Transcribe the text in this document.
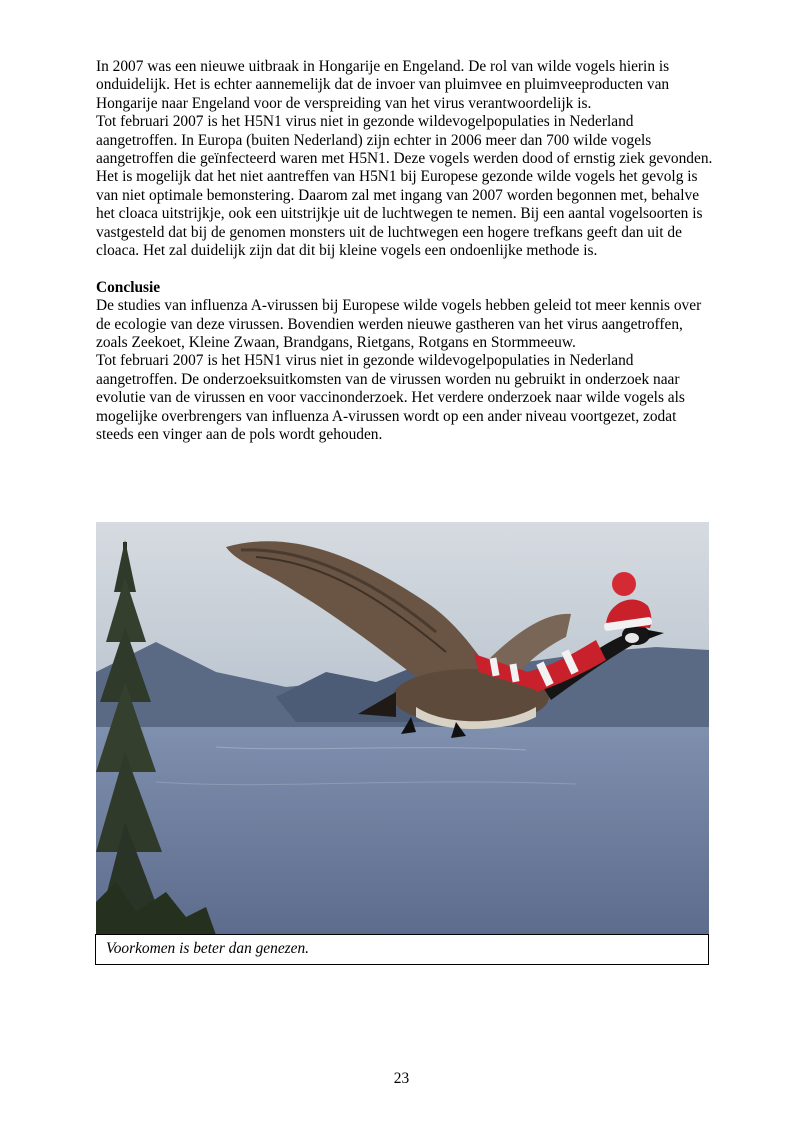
In 2007 was een nieuwe uitbraak in Hongarije en Engeland. De rol van wilde vogels hierin is onduidelijk. Het is echter aannemelijk dat de invoer van pluimvee en pluimveeproducten van Hongarije naar Engeland voor de verspreiding van het virus verantwoordelijk is.

Tot februari 2007 is het H5N1 virus niet in gezonde wildevogelpopulaties in Nederland aangetroffen. In Europa (buiten Nederland) zijn echter in 2006 meer dan 700 wilde vogels aangetroffen die geïnfecteerd waren met H5N1. Deze vogels werden dood of ernstig ziek gevonden.

Het is mogelijk dat het niet aantreffen van H5N1 bij Europese gezonde wilde vogels het gevolg is van niet optimale bemonstering. Daarom zal met ingang van 2007 worden begonnen met, behalve het cloaca uitstrijkje, ook een uitstrijkje uit de luchtwegen te nemen. Bij een aantal vogelsoorten is vastgesteld dat bij de genomen monsters uit de luchtwegen een hogere trefkans geeft dan uit de cloaca. Het zal duidelijk zijn dat dit bij kleine vogels een ondoenlijke methode is.

Conclusie

De studies van influenza A-virussen bij Europese wilde vogels hebben geleid tot meer kennis over de ecologie van deze virussen. Bovendien werden nieuwe gastheren van het virus aangetroffen, zoals Zeekoet, Kleine Zwaan, Brandgans, Rietgans, Rotgans en Stormmeeuw.

Tot februari 2007 is het H5N1 virus niet in gezonde wildevogelpopulaties in Nederland aangetroffen. De onderzoeksuitkomsten van de virussen worden nu gebruikt in onderzoek naar evolutie van de virussen en voor vaccinonderzoek. Het verdere onderzoek naar wilde vogels als mogelijke overbrengers van influenza A-virussen wordt op een ander niveau voortgezet, zodat steeds een vinger aan de pols wordt gehouden.

Voorkomen is beter dan genezen.
23
